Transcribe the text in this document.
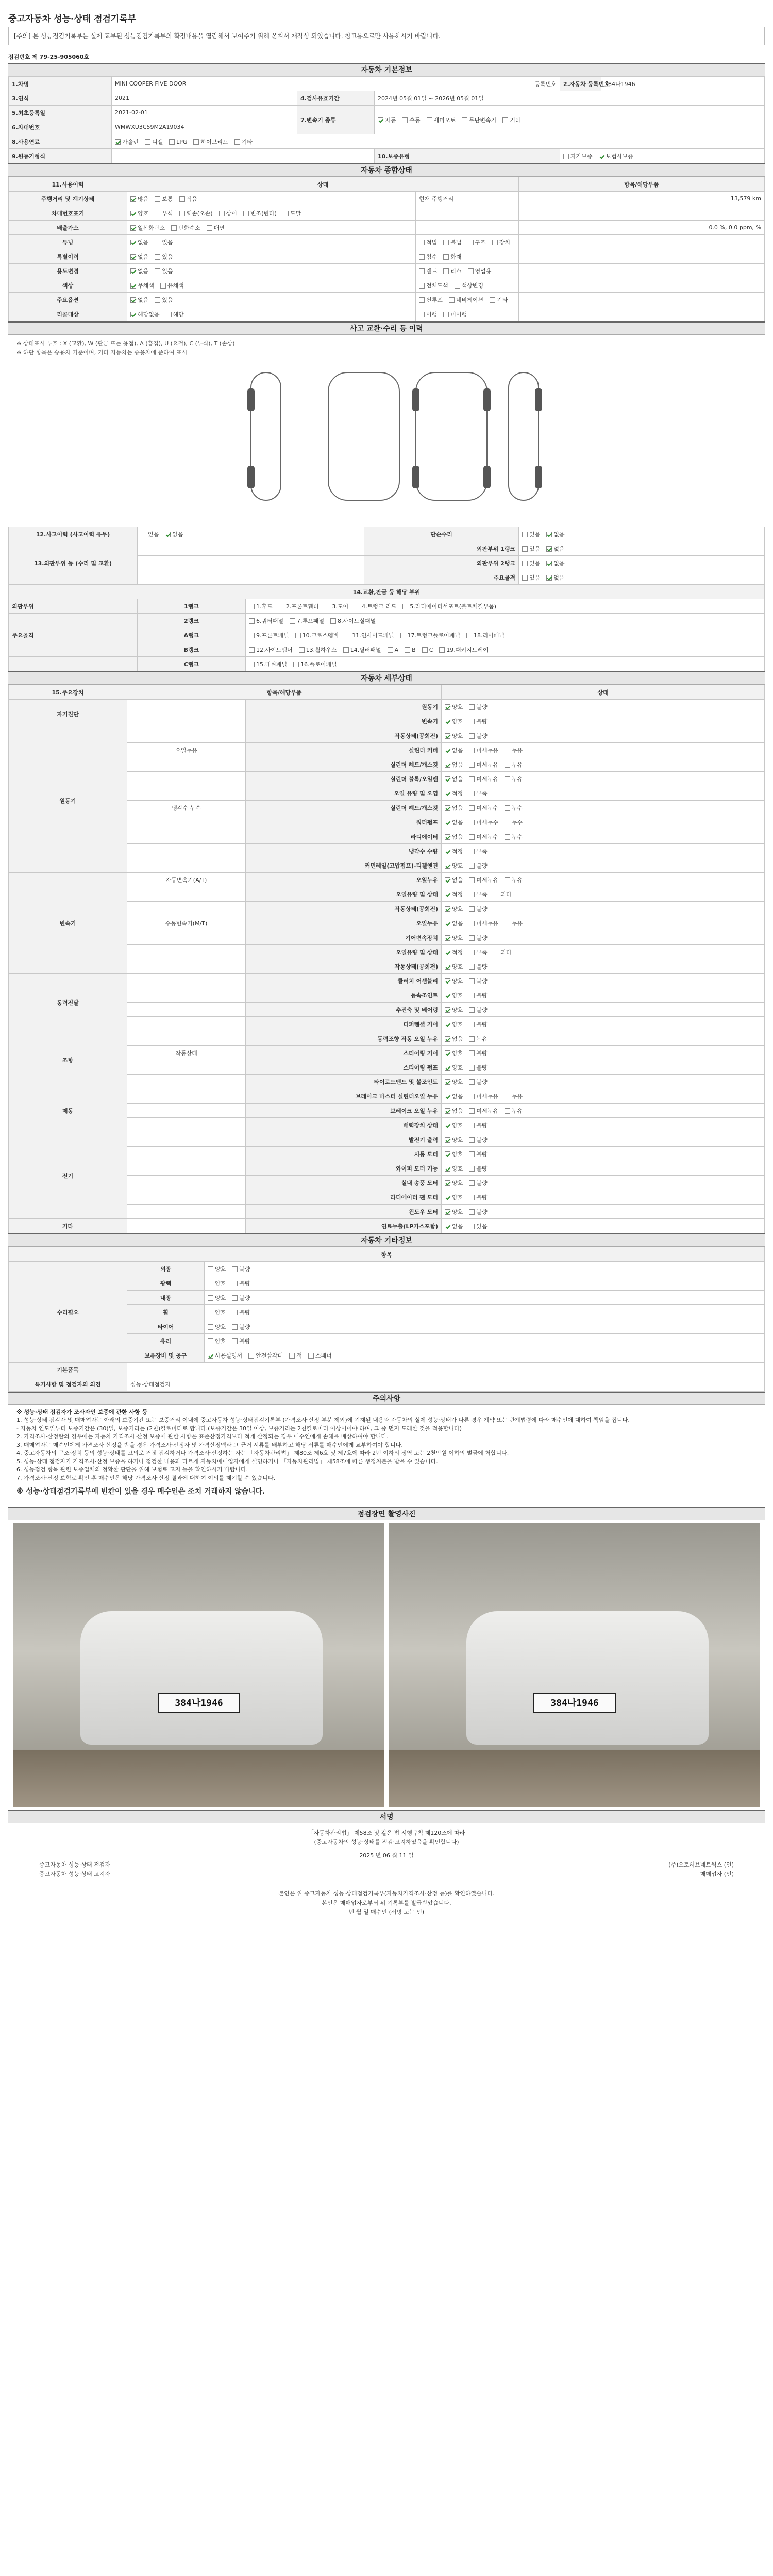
중고자동차 성능·상태 점검기록부
[주의] 본 성능점검기록부는 실제 교부된 성능점검기록부의 확정내용을 열람해서 보여주기 위해 옮겨서 재작성 되었습니다. 참고용으로만 사용하시기 바랍니다.
점검번호 제 79-25-905060호
자동차 기본정보
1.차명	MINI COOPER FIVE DOOR	등록번호		2.자동차 등록번호	384나1946
3.연식	2021	4.검사유효기간	2024년 05월 01일 ~ 2026년 05월 01일		
5.최초등록일	2021-02-01	7.변속기 종류	자동 수동 세미오토 무단변속기 기타		
6.차대번호	WMWXU3C59M2A19034				
8.사용연료	가솔린 디젤 LPG 하이브리드 기타				
9.원동기형식			10.보증유형	자가보증 보험사보증	
자동차 종합상태
11.사용이력	상태		항목/해당부품
주행거리 및 계기상태	많음 보통 적음	현재 주행거리	13,579 km
차대번호표기	양호 부식 훼손(오손) 상이 변조(변타) 도말		
배출가스	일산화탄소 탄화수소 매연		0.0 %, 0.0 ppm, %
튜닝	없음 있음	적법 불법 구조 장치	
특별이력	없음 있음	침수 화재	
용도변경	없음 있음	렌트 리스 영업용	
색상	무채색 유채색	전체도색 색상변경	
주요옵션	없음 있음	썬루프 네비게이션 기타	
리콜대상	해당없음 해당	이행 미이행	
사고 교환·수리 등 이력
※ 상태표시 부호 : X (교환), W (판금 또는 용접), A (흠집), U (요철), C (부식), T (손상)
※ 하단 항목은 승용차 기준이며, 기타 자동차는 승용차에 준하여 표시
12.사고이력 (사고이력 유무)	있음 없음		단순수리	있음 없음
13.외판부위 등 (수리 및 교환)			외판부위 1랭크	있음 없음
			외판부위 2랭크	있음 없음
			주요골격	있음 없음
14.교환,판금 등 해당 부위				
외판부위	1랭크	1.후드 2.프론트휀더 3.도어 4.트렁크 리드 5.라디에이터서포트(볼트체결부품)		
	2랭크	6.쿼터패널 7.루프패널 8.사이드실패널		
주요골격	A랭크	9.프론트패널 10.크로스멤버 11.인사이드패널 17.트렁크플로어패널 18.리어패널		
	B랭크	12.사이드멤버 13.휠하우스 14.필러패널 A B C 19.패키지트레이		
	C랭크	15.대쉬패널 16.플로어패널		
자동차 세부상태
15.주요장치	항목/해당부품		상태
자기진단		원동기	양호 불량
		변속기	양호 불량
원동기		작동상태(공회전)	양호 불량
	오일누유	실린더 커버	없음 미세누유 누유
		실린더 헤드/개스킷	없음 미세누유 누유
		실린더 블록/오일팬	없음 미세누유 누유
		오일 유량 및 오염	적정 부족
	냉각수 누수	실린더 헤드/개스킷	없음 미세누수 누수
		워터펌프	없음 미세누수 누수
		라디에이터	없음 미세누수 누수
		냉각수 수량	적정 부족
		커먼레일(고압펌프)-디젤엔진	양호 불량
변속기	자동변속기(A/T)	오일누유	없음 미세누유 누유
		오일유량 및 상태	적정 부족 과다
		작동상태(공회전)	양호 불량
	수동변속기(M/T)	오일누유	없음 미세누유 누유
		기어변속장치	양호 불량
		오일유량 및 상태	적정 부족 과다
		작동상태(공회전)	양호 불량
동력전달		클러치 어셈블리	양호 불량
		등속조인트	양호 불량
		추진축 및 베어링	양호 불량
		디퍼렌셜 기어	양호 불량
조향		동력조향 작동 오일 누유	없음 누유
	작동상태	스티어링 기어	양호 불량
		스티어링 펌프	양호 불량
		타이로드엔드 및 볼조인트	양호 불량
제동		브레이크 마스터 실린더오일 누유	없음 미세누유 누유
		브레이크 오일 누유	없음 미세누유 누유
		배력장치 상태	양호 불량
전기		발전기 출력	양호 불량
		시동 모터	양호 불량
		와이퍼 모터 기능	양호 불량
		실내 송풍 모터	양호 불량
		라디에이터 팬 모터	양호 불량
		윈도우 모터	양호 불량
기타		연료누출(LP가스포함)	없음 있음
자동차 기타정보
항목		
수리필요	외장	양호 불량
	광택	양호 불량
	내장	양호 불량
	휠	양호 불량
	타이어	양호 불량
	유리	양호 불량
	보유장비 및 공구	사용설명서 안전삼각대 잭 스패너
기본품목		
특기사항 및 점검자의 의견	성능·상태점검자	
주의사항
※ 성능·상태 점검자가 조사자인 보증에 관한 사항 등
1. 성능·상태 점검자 및 매매업자는 아래의 보증기간 또는 보증거리 이내에 중고자동차 성능·상태점검기록부 (가격조사·산정 부분 제외)에 기재된 내용과 자동차의 실제 성능·상태가 다른 경우 계약 또는 관계법령에 따라 매수인에 대하여 책임을 집니다.
- 자동차 인도일부터 보증기간은 (30)일, 보증거리는 (2천)킬로미터로 합니다.(보증기간은 30일 이상, 보증거리는 2천킬로미터 이상이어야 하며, 그 중 먼저 도래한 것을 적용합니다)
2. 가격조사·산정란의 경우에는 자동차 가격조사·산정 보증에 관한 사항은 표준산정가격보다 적게 산정되는 경우 매수인에게 손해를 배상하여야 합니다.
3. 매매업자는 매수인에게 가격조사·산정을 받을 경우 가격조사·산정자 및 가격산정액과 그 근거 서류를 배부하고 해당 서류를 매수인에게 교부하여야 합니다.
4. 중고자동차의 구조·장치 등의 성능·상태를 고의로 거짓 점검하거나 가격조사·산정하는 자는 「자동차관리법」 제80조 제6호 및 제7호에 따라 2년 이하의 징역 또는 2천만원 이하의 벌금에 처합니다.
5. 성능·상태 점검자가 가격조사·산정 보증을 하거나 점검한 내용과 다르게 자동차매매업자에게 설명하거나 「자동차관리법」 제58조에 따른 행정처분을 받을 수 있습니다.
6. 성능점검 항목 관련 보증업체의 정확한 판단을 위해 보험료 고지 등을 확인하시기 바랍니다.
7. 가격조사·산정 보험료 확인 후 매수인은 해당 가격조사·산정 결과에 대하여 이의를 제기할 수 있습니다.
※ 성능·상태점검기록부에 빈칸이 있을 경우 매수인은 조치 거래하지 않습니다.
점검장면 촬영사진
384나1946	384나1946
서명
「자동차관리법」 제58조 및 같은 법 시행규칙 제120조에 따라
(중고자동차의 성능·상태를 점검·고지하였음을 확인합니다)
2025 년 06 월 11 일
중고자동차 성능·상태 점검자	(주)오토허브네트웍스 (인)
중고자동차 성능·상태 고지자	매매업자 (인)
본인은 위 중고자동차 성능·상태점검기록부(자동차가격조사·산정 등)를 확인하였습니다.
본인은 매매업자로부터 위 기록부를 발급받았습니다.
년 월 일 매수인 (서명 또는 인)
